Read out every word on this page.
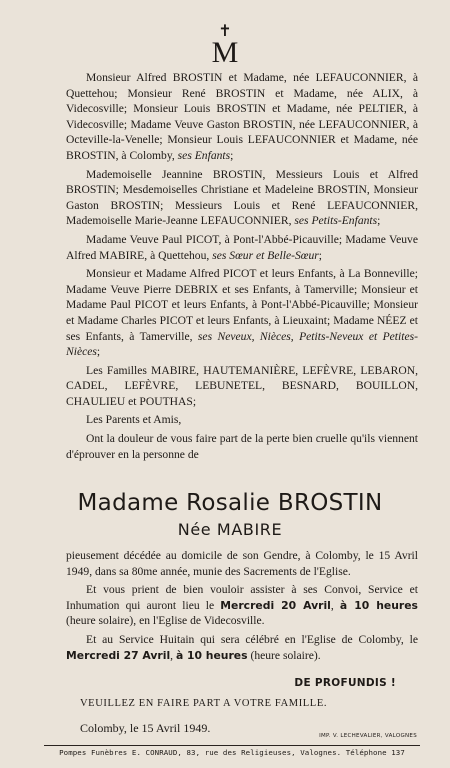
✝
M

Monsieur Alfred BROSTIN et Madame, née LEFAUCONNIER, à Quettehou; Monsieur René BROSTIN et Madame, née ALIX, à Videcosville; Monsieur Louis BROSTIN et Madame, née PELTIER, à Videcosville; Madame Veuve Gaston BROSTIN, née LEFAUCONNIER, à Octeville-la-Venelle; Monsieur Louis LEFAUCONNIER et Madame, née BROSTIN, à Colomby, ses Enfants;

Mademoiselle Jeannine BROSTIN, Messieurs Louis et Alfred BROSTIN; Mesdemoiselles Christiane et Madeleine BROSTIN, Monsieur Gaston BROSTIN; Messieurs Louis et René LEFAUCONNIER, Mademoiselle Marie-Jeanne LEFAUCONNIER, ses Petits-Enfants;

Madame Veuve Paul PICOT, à Pont-l'Abbé-Picauville; Madame Veuve Alfred MABIRE, à Quettehou, ses Sœur et Belle-Sœur;

Monsieur et Madame Alfred PICOT et leurs Enfants, à La Bonneville; Madame Veuve Pierre DEBRIX et ses Enfants, à Tamerville; Monsieur et Madame Paul PICOT et leurs Enfants, à Pont-l'Abbé-Picauville; Monsieur et Madame Charles PICOT et leurs Enfants, à Lieuxaint; Madame NÉEZ et ses Enfants, à Tamerville, ses Neveux, Nièces, Petits-Neveux et Petites-Nièces;

Les Familles MABIRE, HAUTEMANIÈRE, LEFÈVRE, LEBARON, CADEL, LEFÈVRE, LEBUNETEL, BESNARD, BOUILLON, CHAULIEU et POUTHAS;

Les Parents et Amis,

Ont la douleur de vous faire part de la perte bien cruelle qu'ils viennent d'éprouver en la personne de

Madame Rosalie BROSTIN
Née MABIRE

pieusement décédée au domicile de son Gendre, à Colomby, le 15 Avril 1949, dans sa 80me année, munie des Sacrements de l'Eglise.

Et vous prient de bien vouloir assister à ses Convoi, Service et Inhumation qui auront lieu le Mercredi 20 Avril, à 10 heures (heure solaire), en l'Eglise de Videcosville.

Et au Service Huitain qui sera célébré en l'Eglise de Colomby, le Mercredi 27 Avril, à 10 heures (heure solaire).

DE PROFUNDIS !
VEUILLEZ EN FAIRE PART A VOTRE FAMILLE.
Colomby, le 15 Avril 1949.
IMP. V. LECHEVALIER, VALOGNES
Pompes Funèbres E. CONRAUD, 83, rue des Religieuses, Valognes. Téléphone 137
